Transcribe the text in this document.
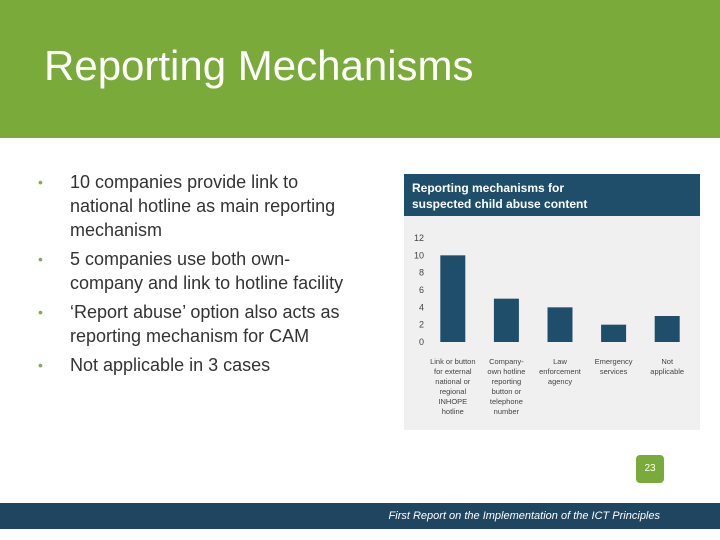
Reporting Mechanisms
• 10 companies provide link to national hotline as main reporting mechanism
• 5 companies use both own-company and link to hotline facility
• ‘Report abuse’ option also acts as reporting mechanism for CAM
• Not applicable in 3 cases
Reporting mechanisms for
suspected child abuse content
0
2
4
6
8
10
12
Link or button
for external
national or
regional
INHOPE
hotline
Company-
own hotline
reporting
button or
telephone
number
Law
enforcement
agency
Emergency
services
Not
applicable
23
First Report on the Implementation of the ICT Principles
